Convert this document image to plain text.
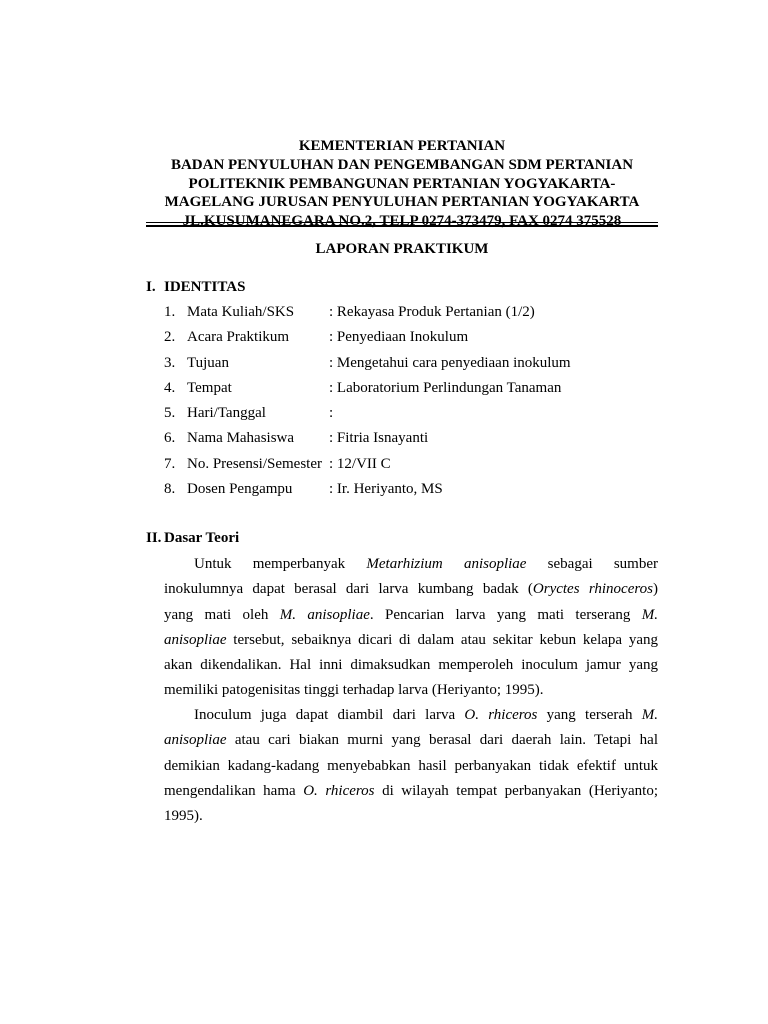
KEMENTERIAN PERTANIAN
BADAN PENYULUHAN DAN PENGEMBANGAN SDM PERTANIAN
POLITEKNIK PEMBANGUNAN PERTANIAN YOGYAKARTA-
MAGELANG JURUSAN PENYULUHAN PERTANIAN YOGYAKARTA
JL.KUSUMANEGARA NO.2, TELP 0274-373479, FAX 0274 375528
LAPORAN PRAKTIKUM
I. IDENTITAS
1. Mata Kuliah/SKS : Rekayasa Produk Pertanian (1/2)
2. Acara Praktikum	: Penyediaan Inokulum
3. Tujuan	: Mengetahui cara penyediaan inokulum
4. Tempat	: Laboratorium Perlindungan Tanaman
5. Hari/Tanggal	:
6. Nama Mahasiswa : Fitria Isnayanti
7. No. Presensi/Semester : 12/VII C
8. Dosen Pengampu : Ir. Heriyanto, MS
II. Dasar Teori

Untuk memperbanyak Metarhizium anisopliae sebagai sumber
inokulumnya dapat berasal dari larva kumbang badak (Oryctes rhinoceros)
yang mati oleh M. anisopliae. Pencarian larva yang mati terserang M.
anisopliae tersebut, sebaiknya dicari di dalam atau sekitar kebun kelapa yang
akan dikendalikan. Hal inni dimaksudkan memperoleh inoculum jamur yang
memiliki patogenisitas tinggi terhadap larva (Heriyanto; 1995).

Inoculum juga dapat diambil dari larva O. rhiceros yang terserah M.
anisopliae atau cari biakan murni yang berasal dari daerah lain. Tetapi hal
demikian kadang-kadang menyebabkan hasil perbanyakan tidak efektif untuk
mengendalikan hama O. rhiceros di wilayah tempat perbanyakan (Heriyanto;
1995).
